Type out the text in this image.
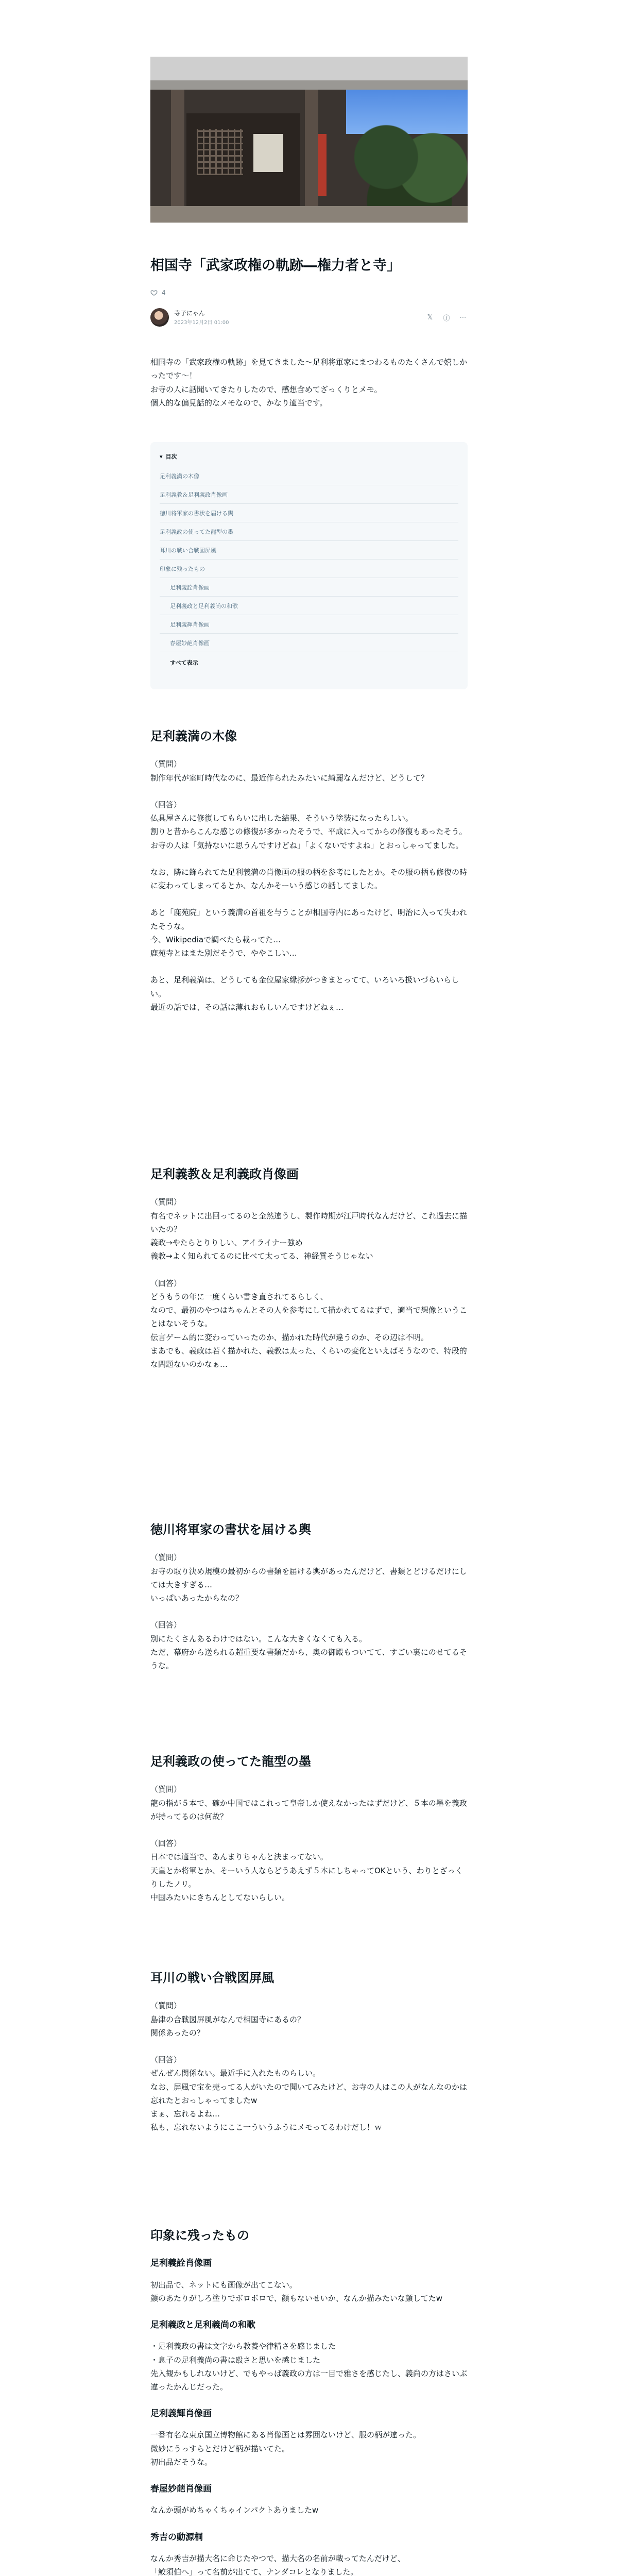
相国寺「武家政権の軌跡―権力者と寺」
4
寺子にゃん
2023年12月2日 01:00
𝕏 ⓕ ⋯

相国寺の「武家政権の軌跡」を見てきました〜足利将軍家にまつわるものたくさんで嬉しかったです〜！

お寺の人に話聞いてきたりしたので、感想含めてざっくりとメモ。

個人的な偏見話的なメモなので、かなり適当です。

▾ 目次
足利義満の木像
足利義教＆足利義政肖像画
徳川将軍家の書状を届ける輿
足利義政の使ってた龍型の墨
耳川の戦い合戦図屏風
印象に残ったもの
足利義詮肖像画
足利義政と足利義尚の和歌
足利義輝肖像画
春屋妙葩肖像画
すべて表示
足利義満の木像

（質問）

制作年代が室町時代なのに、最近作られたみたいに綺麗なんだけど、どうして？

（回答）

仏具屋さんに修復してもらいに出した結果、そういう塗装になったらしい。

割りと昔からこんな感じの修復が多かったそうで、平成に入ってからの修復もあったそう。

お寺の人は「気持ないに思うんですけどね」「よくないですよね」とおっしゃってました。

なお、隣に飾られてた足利義満の肖像画の服の柄を参考にしたとか。その服の柄も修復の時に変わってしまってるとか、なんかそーいう感じの話してました。

あと「鹿苑院」という義満の首祖を与うことが相国寺内にあったけど、明治に入って失われたそうな。

今、Wikipediaで調べたら載ってた…

鹿苑寺とはまた別だそうで、ややこしい…

あと、足利義満は、どうしても金位屋家縁拶がつきまとってて、いろいろ扱いづらいらしい。

最近の話では、その話は薄れおもしいんですけどねぇ…

足利義教＆足利義政肖像画

（質問）

有名でネットに出回ってるのと全然違うし、製作時期が江戸時代なんだけど、これ過去に描いたの？

義政→やたらとりりしい、アイライナー強め

義教→よく知られてるのに比べて太ってる、神経質そうじゃない

（回答）

どうもうの年に一度くらい書き直されてるらしく、

なので、最初のやつはちゃんとその人を参考にして描かれてるはずで、適当で想像ということはないそうな。

伝言ゲーム的に変わっていったのか、描かれた時代が違うのか、その辺は不明。

まあでも、義政は若く描かれた、義教は太った、くらいの変化といえばそうなので、特段的な問題ないのかなぁ…

徳川将軍家の書状を届ける輿

（質問）

お寺の取り決め規模の最初からの書類を届ける輿があったんだけど、書類とどけるだけにしては大きすぎる…

いっぱいあったからなの？

（回答）

別にたくさんあるわけではない。こんな大きくなくても入る。

ただ、幕府から送られる超重要な書類だから、奥の御殿もついてて、すごい裏にのせてるそうな。

足利義政の使ってた龍型の墨

（質問）

龍の指が５本で、確か中国ではこれって皇帝しか使えなかったはずだけど、５本の墨を義政が持ってるのは何故？

（回答）

日本では適当で、あんまりちゃんと決まってない。

天皇とか将軍とか、そーいう人ならどうあえず５本にしちゃってOKという、わりとざっくりしたノリ。

中国みたいにきちんとしてないらしい。

耳川の戦い合戦図屏風

（質問）

島津の合戦図屏風がなんで相国寺にあるの？

関係あったの？

（回答）

ぜんぜん関係ない。最近手に入れたものらしい。

なお、屏風で宝を売ってる人がいたので聞いてみたけど、お寺の人はこの人がなんなのかは忘れたとおっしゃってましたw

まぁ、忘れるよね…

私も、忘れないようにここ一ういうふうにメモってるわけだし！ｗ

印象に残ったもの
足利義詮肖像画

初出品で、ネットにも画像が出てこない。

顔のあたりがしろ塗りでボロボロで、顔もないせいか、なんか描みたいな顔してたw

足利義政と足利義尚の和歌

・足利義政の書は文字から教養や律精さを感じました

・息子の足利義尚の書は殴さと思いを感じました

先入観かもしれないけど、でもやっぱ義政の方は一目で雅さを感じたし、義尚の方はさいぶ違ったかんじだった。

足利義輝肖像画

一番有名な東京国立博物館にある肖像画とは雰囲ないけど、服の柄が違った。

微妙にうっすらとだけど柄が描いてた。

初出品だそうな。

春屋妙葩肖像画

なんか頭がめちゃくちゃインパクトありましたw

秀吉の動源桐

なんか秀吉が描大名に命じたやつで、描大名の名前が載ってたんだけど、

「鮫須伯へ」って名前が出てて、ナンダコレとなりました。
